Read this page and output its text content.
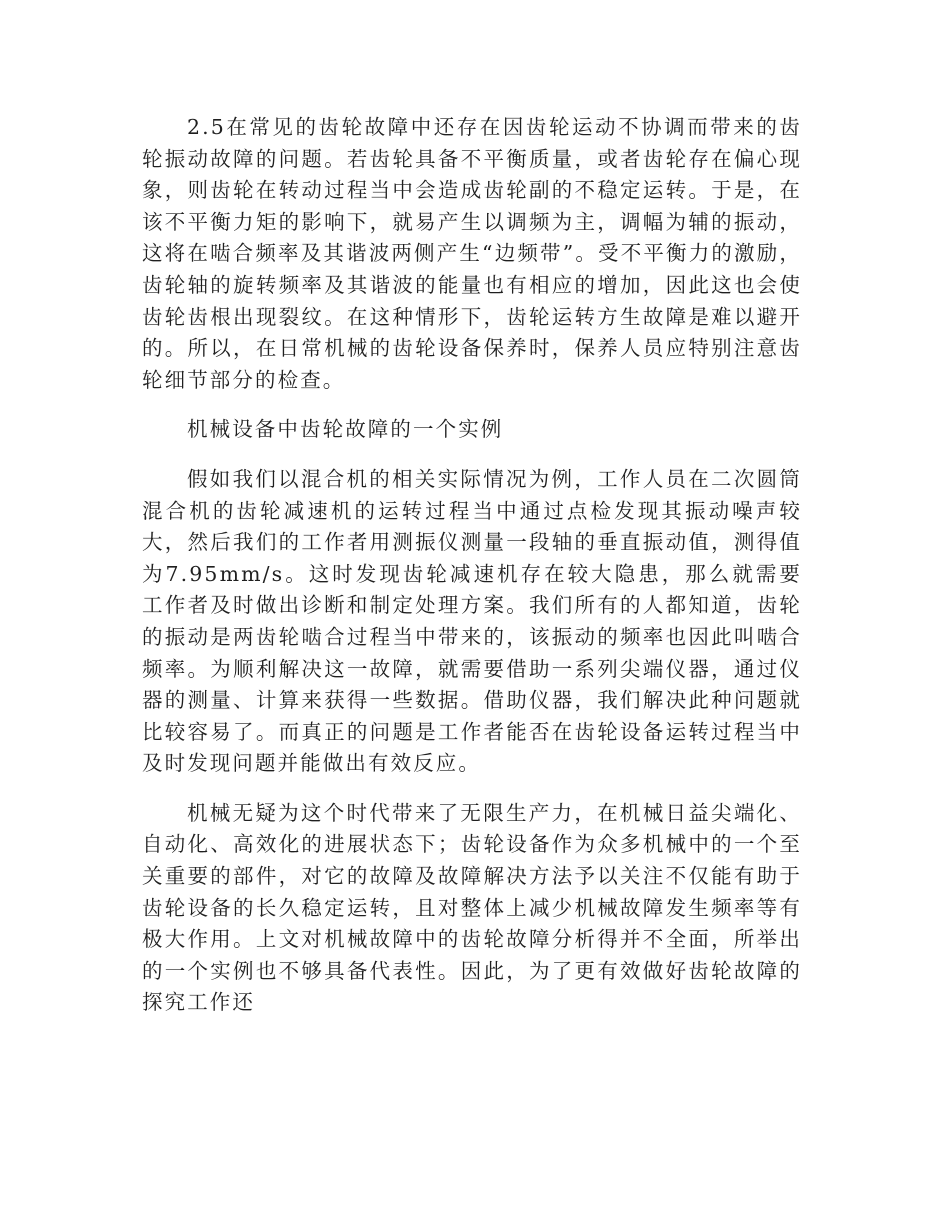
2.5在常见的齿轮故障中还存在因齿轮运动不协调而带来的齿轮振动故障的问题。若齿轮具备不平衡质量，或者齿轮存在偏心现象，则齿轮在转动过程当中会造成齿轮副的不稳定运转。于是，在该不平衡力矩的影响下，就易产生以调频为主，调幅为辅的振动，这将在啮合频率及其谐波两侧产生“边频带”。受不平衡力的激励，齿轮轴的旋转频率及其谐波的能量也有相应的增加，因此这也会使齿轮齿根出现裂纹。在这种情形下，齿轮运转方生故障是难以避开的。所以，在日常机械的齿轮设备保养时，保养人员应特别注意齿轮细节部分的检查。

机械设备中齿轮故障的一个实例

假如我们以混合机的相关实际情况为例，工作人员在二次圆筒混合机的齿轮减速机的运转过程当中通过点检发现其振动噪声较大，然后我们的工作者用测振仪测量一段轴的垂直振动值，测得值为7.95mm/s。这时发现齿轮减速机存在较大隐患，那么就需要工作者及时做出诊断和制定处理方案。我们所有的人都知道，齿轮的振动是两齿轮啮合过程当中带来的，该振动的频率也因此叫啮合频率。为顺利解决这一故障，就需要借助一系列尖端仪器，通过仪器的测量、计算来获得一些数据。借助仪器，我们解决此种问题就比较容易了。而真正的问题是工作者能否在齿轮设备运转过程当中及时发现问题并能做出有效反应。

机械无疑为这个时代带来了无限生产力，在机械日益尖端化、自动化、高效化的进展状态下；齿轮设备作为众多机械中的一个至关重要的部件，对它的故障及故障解决方法予以关注不仅能有助于齿轮设备的长久稳定运转，且对整体上减少机械故障发生频率等有极大作用。上文对机械故障中的齿轮故障分析得并不全面，所举出的一个实例也不够具备代表性。因此，为了更有效做好齿轮故障的探究工作还
